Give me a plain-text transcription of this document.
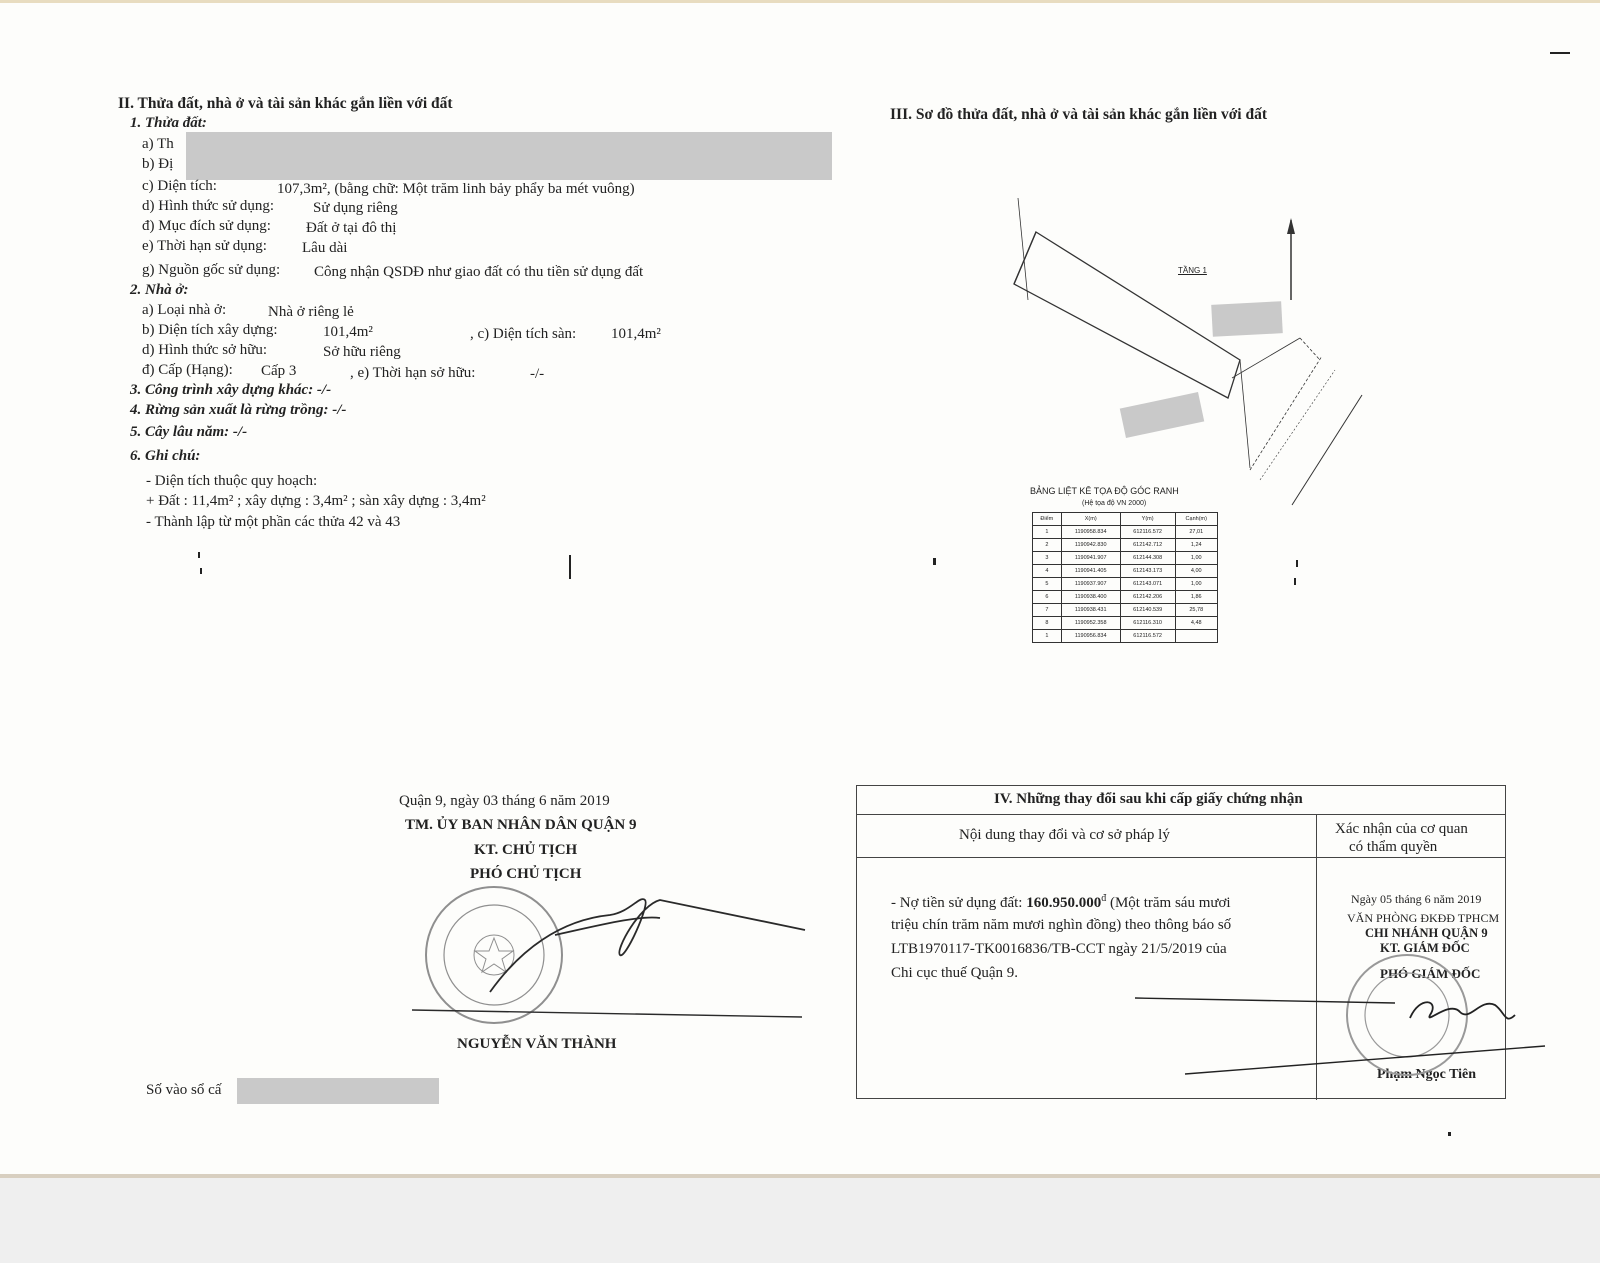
II. Thửa đất, nhà ở và tài sản khác gắn liền với đất
1. Thửa đất:
a) Th
b) Đị
c) Diện tích:	107,3m², (bằng chữ: Một trăm linh bảy phẩy ba mét vuông)
d) Hình thức sử dụng:	Sử dụng riêng
đ) Mục đích sử dụng: Đất ở tại đô thị
e) Thời hạn sử dụng: Lâu dài
g) Nguồn gốc sử dụng: Công nhận QSDĐ như giao đất có thu tiền sử dụng đất
2. Nhà ở:
a) Loại nhà ở:	Nhà ở riêng lẻ
b) Diện tích xây dựng:	101,4m²	, c) Diện tích sàn: 101,4m²
d) Hình thức sở hữu:	Sở hữu riêng
đ) Cấp (Hạng): Cấp 3	, e) Thời hạn sở hữu:	-/-
3. Công trình xây dựng khác: -/-
4. Rừng sản xuất là rừng trồng: -/-
5. Cây lâu năm: -/-
6. Ghi chú:
- Diện tích thuộc quy hoạch:
+ Đất : 11,4m² ; xây dựng : 3,4m² ; sàn xây dựng : 3,4m²
- Thành lập từ một phần các thửa 42 và 43
Quận 9, ngày 03 tháng 6 năm 2019
TM. ỦY BAN NHÂN DÂN QUẬN 9
KT. CHỦ TỊCH
PHÓ CHỦ TỊCH
NGUYỄN VĂN THÀNH
Số vào sổ cấ
III. Sơ đồ thửa đất, nhà ở và tài sản khác gắn liền với đất
TẦNG 1
BẢNG LIỆT KÊ TỌA ĐỘ GÓC RANH
(Hệ tọa độ VN 2000)
Điểm	X(m)	Y(m)	Cạnh(m)
1	1190958.834	612116.572	27,01
2	1190942.830	612142.712	1,24
3	1190941.907	612144.308	1,00
4	1190941.405	612143.173	4,00
5	1190937.907	612143.071	1,00
6	1190938.400	612142.206	1,86
7	1190938.431	612140.539	25,78
8	1190952.358	612116.310	4,48
1	1190956.834	612116.572	
IV. Những thay đổi sau khi cấp giấy chứng nhận
Nội dung thay đổi và cơ sở pháp lý	Xác nhận của cơ quan
có thẩm quyền
- Nợ tiền sử dụng đất: $160.950.000^đ$ (Một trăm sáu mươi
triệu chín trăm năm mươi nghìn đồng) theo thông báo số
LTB1970117-TK0016836/TB-CCT ngày 21/5/2019 của
Chi cục thuế Quận 9.
Ngày 05 tháng 6 năm 2019
VĂN PHÒNG ĐKĐĐ TPHCM
CHI NHÁNH QUẬN 9
KT. GIÁM ĐỐC
PHÓ GIÁM ĐỐC
Phạm Ngọc Tiên
